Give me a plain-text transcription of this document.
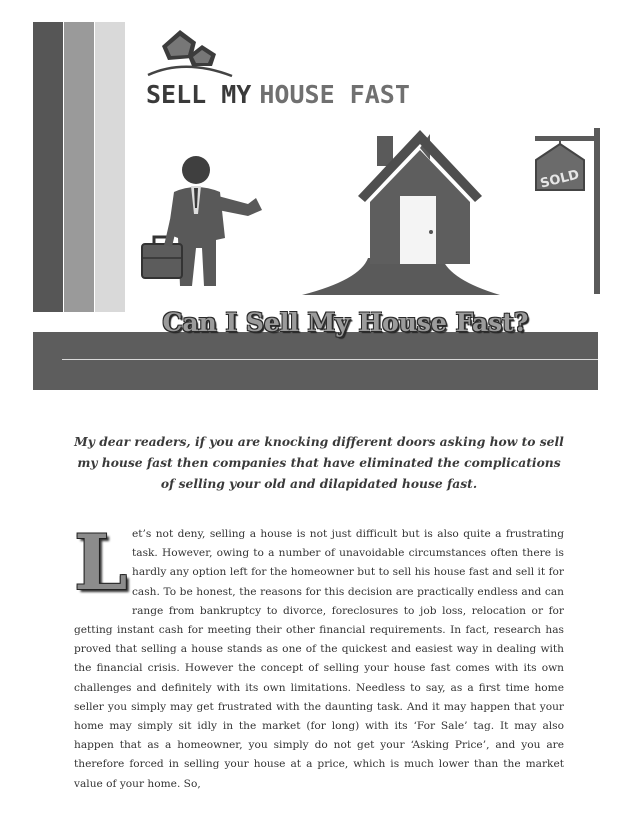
SELL MY HOUSE FAST
SOLD
Can I Sell My House Fast?
My dear readers, if you are knocking different doors asking how to sell my house fast then companies that have eliminated the complications of selling your old and dilapidated house fast.
L et’s not deny, selling a house is not just difficult but is also quite a frustrating task. However, owing to a number of unavoidable circumstances often there is hardly any option left for the homeowner but to sell his house fast and sell it for cash. To be honest, the reasons for this decision are practically endless and can range from bankruptcy to divorce, foreclosures to job loss, relocation or for getting instant cash for meeting their other financial requirements. In fact, research has proved that selling a house stands as one of the quickest and easiest way in dealing with the financial crisis. However the concept of selling your house fast comes with its own challenges and definitely with its own limitations. Needless to say, as a first time home seller you simply may get frustrated with the daunting task. And it may happen that your home may simply sit idly in the market (for long) with its ‘For Sale’ tag. It may also happen that as a homeowner, you simply do not get your ‘Asking Price’, and you are therefore forced in selling your house at a price, which is much lower than the market value of your home. So,
